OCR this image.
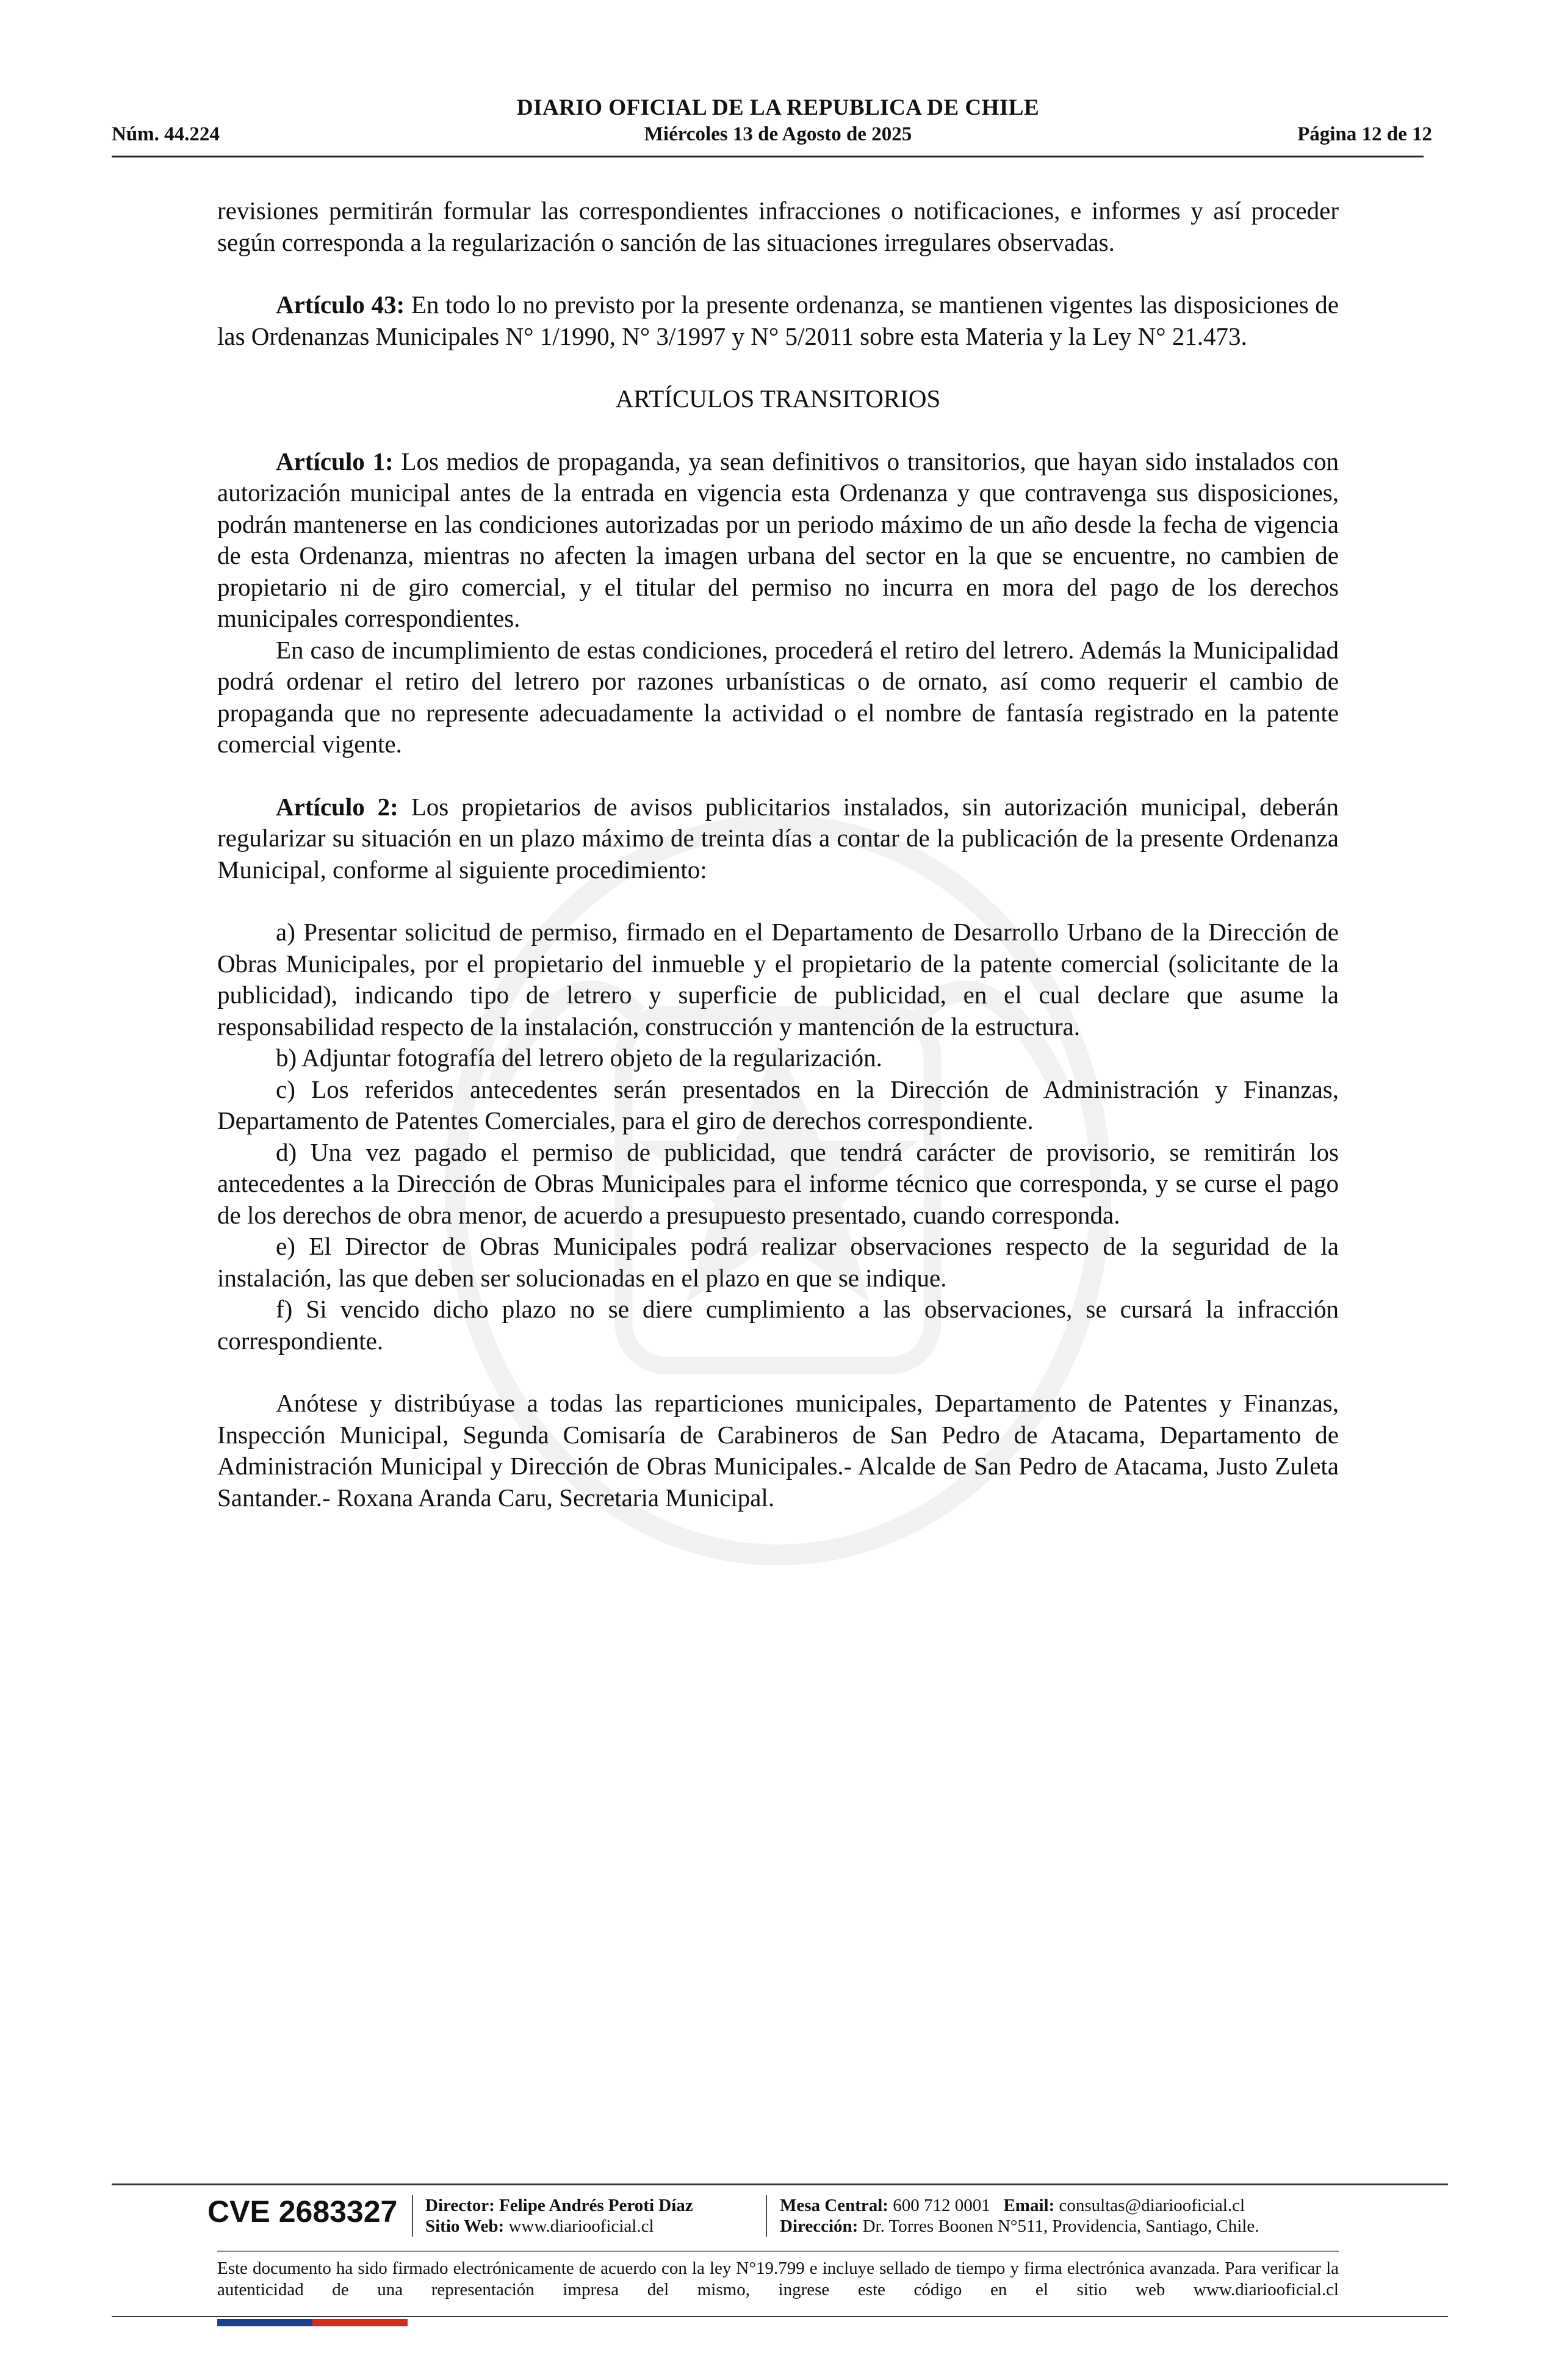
DIARIO OFICIAL DE LA REPUBLICA DE CHILE
Núm. 44.224	Miércoles 13 de Agosto de 2025	Página 12 de 12

revisiones permitirán formular las correspondientes infracciones o notificaciones, e informes y así proceder según corresponda a la regularización o sanción de las situaciones irregulares observadas.

Artículo 43: En todo lo no previsto por la presente ordenanza, se mantienen vigentes las disposiciones de las Ordenanzas Municipales N° 1/1990, N° 3/1997 y N° 5/2011 sobre esta Materia y la Ley N° 21.473.

ARTÍCULOS TRANSITORIOS

Artículo 1: Los medios de propaganda, ya sean definitivos o transitorios, que hayan sido instalados con autorización municipal antes de la entrada en vigencia esta Ordenanza y que contravenga sus disposiciones, podrán mantenerse en las condiciones autorizadas por un periodo máximo de un año desde la fecha de vigencia de esta Ordenanza, mientras no afecten la imagen urbana del sector en la que se encuentre, no cambien de propietario ni de giro comercial, y el titular del permiso no incurra en mora del pago de los derechos municipales correspondientes.

En caso de incumplimiento de estas condiciones, procederá el retiro del letrero. Además la Municipalidad podrá ordenar el retiro del letrero por razones urbanísticas o de ornato, así como requerir el cambio de propaganda que no represente adecuadamente la actividad o el nombre de fantasía registrado en la patente comercial vigente.

Artículo 2: Los propietarios de avisos publicitarios instalados, sin autorización municipal, deberán regularizar su situación en un plazo máximo de treinta días a contar de la publicación de la presente Ordenanza Municipal, conforme al siguiente procedimiento:

a) Presentar solicitud de permiso, firmado en el Departamento de Desarrollo Urbano de la Dirección de Obras Municipales, por el propietario del inmueble y el propietario de la patente comercial (solicitante de la publicidad), indicando tipo de letrero y superficie de publicidad, en el cual declare que asume la responsabilidad respecto de la instalación, construcción y mantención de la estructura.

b) Adjuntar fotografía del letrero objeto de la regularización.

c) Los referidos antecedentes serán presentados en la Dirección de Administración y Finanzas, Departamento de Patentes Comerciales, para el giro de derechos correspondiente.

d) Una vez pagado el permiso de publicidad, que tendrá carácter de provisorio, se remitirán los antecedentes a la Dirección de Obras Municipales para el informe técnico que corresponda, y se curse el pago de los derechos de obra menor, de acuerdo a presupuesto presentado, cuando corresponda.

e) El Director de Obras Municipales podrá realizar observaciones respecto de la seguridad de la instalación, las que deben ser solucionadas en el plazo en que se indique.

f) Si vencido dicho plazo no se diere cumplimiento a las observaciones, se cursará la infracción correspondiente.

Anótese y distribúyase a todas las reparticiones municipales, Departamento de Patentes y Finanzas, Inspección Municipal, Segunda Comisaría de Carabineros de San Pedro de Atacama, Departamento de Administración Municipal y Dirección de Obras Municipales.- Alcalde de San Pedro de Atacama, Justo Zuleta Santander.- Roxana Aranda Caru, Secretaria Municipal.

CVE 2683327 Director: Felipe Andrés Peroti Díaz
Sitio Web: www.diariooficial.cl
Mesa Central: 600 712 0001 Email: consultas@diariooficial.cl
Dirección: Dr. Torres Boonen N°511, Providencia, Santiago, Chile.
Este documento ha sido firmado electrónicamente de acuerdo con la ley N°19.799 e incluye sellado de tiempo y firma electrónica avanzada. Para verificar la autenticidad de una representación impresa del mismo, ingrese este código en el sitio web www.diariooficial.cl
